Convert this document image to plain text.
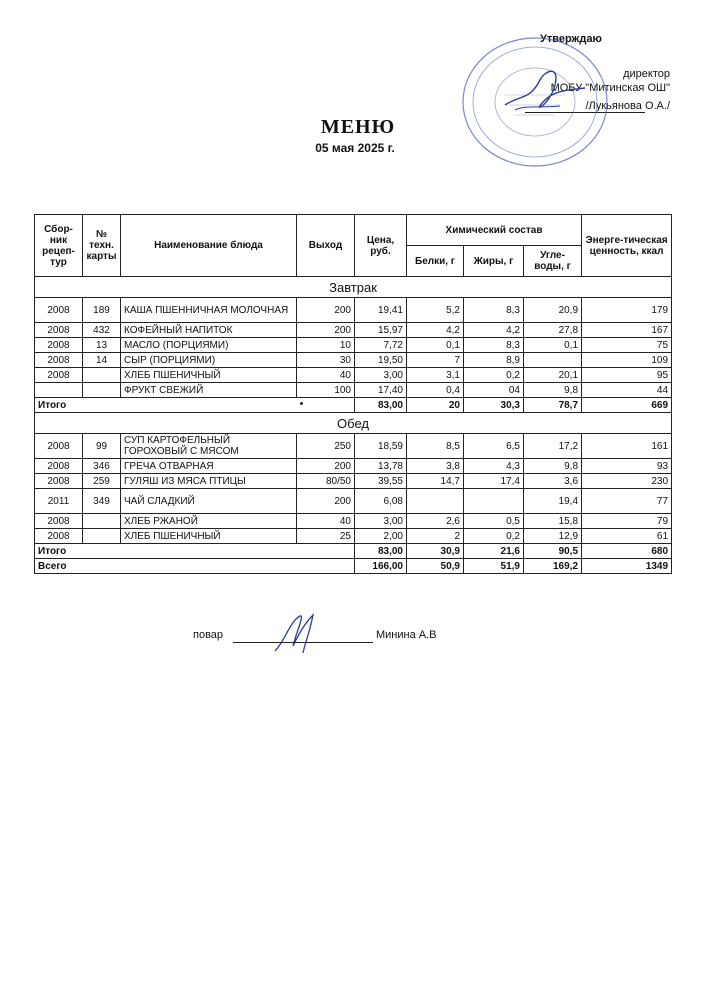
Утверждаю
директор
МОБУ "Митинская ОШ"
/Лукьянова О.А./
МЕНЮ
05 мая 2025 г.
Сбор-ник рецеп-тур	№ техн. карты	Наименование блюда	Выход	Цена, руб.	Химический состав			Энерге-тическая ценность, ккал
					Белки, г	Жиры, г	Угле-воды, г	
Завтрак								
2008	189	КАША ПШЕННИЧНАЯ МОЛОЧНАЯ	200	19,41	5,2	8,3	20,9	179
2008	432	КОФЕЙНЫЙ НАПИТОК	200	15,97	4,2	4,2	27,8	167
2008	13	МАСЛО (ПОРЦИЯМИ)	10	7,72	0,1	8,3	0,1	75
2008	14	СЫР (ПОРЦИЯМИ)	30	19,50	7	8,9		109
2008		ХЛЕБ ПШЕНИЧНЫЙ	40	3,00	3,1	0,2	20,1	95
		ФРУКТ СВЕЖИЙ	100	17,40	0,4	04	9,8	44
Итого				83,00	20	30,3	78,7	669
Обед								
2008	99	СУП КАРТОФЕЛЬНЫЙ ГОРОХОВЫЙ С МЯСОМ	250	18,59	8,5	6,5	17,2	161
2008	346	ГРЕЧА ОТВАРНАЯ	200	13,78	3,8	4,3	9,8	93
2008	259	ГУЛЯШ ИЗ МЯСА ПТИЦЫ	80/50	39,55	14,7	17,4	3,6	230
2011	349	ЧАЙ СЛАДКИЙ	200	6,08			19,4	77
2008		ХЛЕБ РЖАНОЙ	40	3,00	2,6	0,5	15,8	79
2008		ХЛЕБ ПШЕНИЧНЫЙ	25	2,00	2	0,2	12,9	61
Итого				83,00	30,9	21,6	90,5	680
Всего				166,00	50,9	51,9	169,2	1349
повар	Минина А.В
